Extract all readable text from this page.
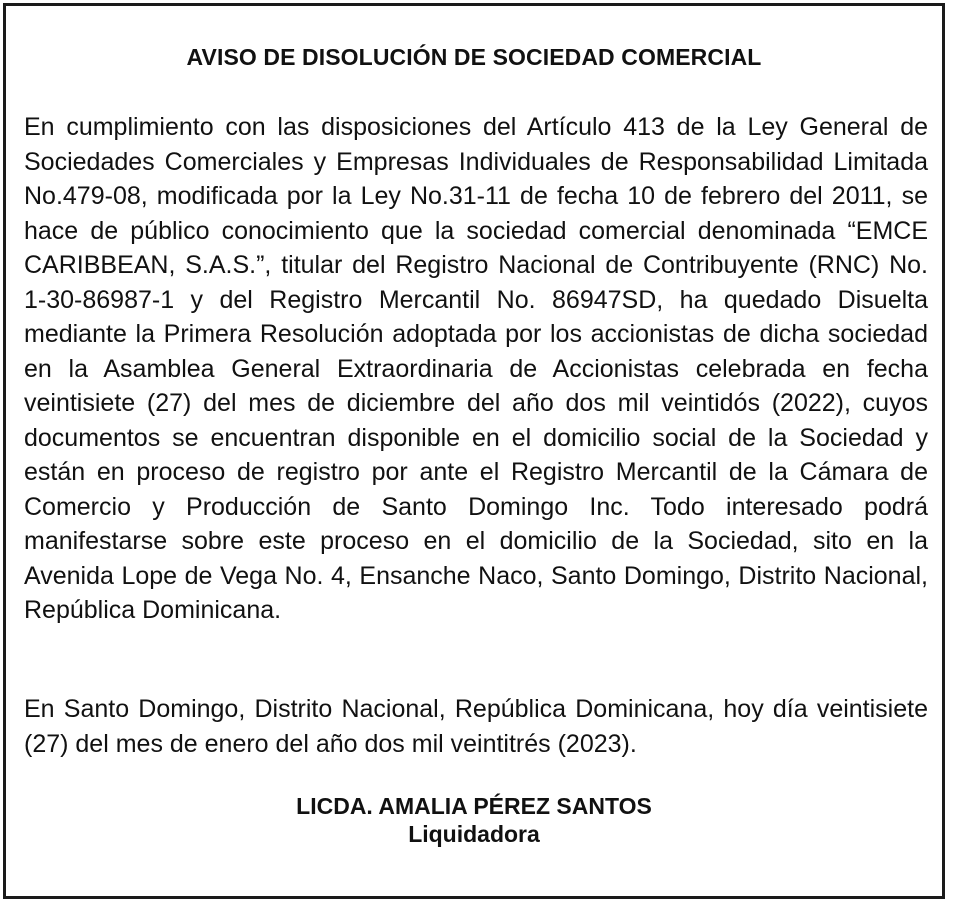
AVISO DE DISOLUCIÓN DE SOCIEDAD COMERCIAL

En cumplimiento con las disposiciones del Artículo 413 de la Ley General de Sociedades Comerciales y Empresas Individuales de Responsabilidad Limitada No.479-08, modificada por la Ley No.31-11 de fecha 10 de febrero del 2011, se hace de público conocimiento que la sociedad comercial denominada “EMCE CARIBBEAN, S.A.S.”, titular del Registro Nacional de Contribuyente (RNC) No. 1-30-86987-1 y del Registro Mercantil No. 86947SD, ha quedado Disuelta mediante la Primera Resolución adoptada por los accionistas de dicha sociedad en la Asamblea General Extraordinaria de Accionistas celebrada en fecha veintisiete (27) del mes de diciembre del año dos mil veintidós (2022), cuyos documentos se encuentran disponible en el domicilio social de la Sociedad y están en proceso de registro por ante el Registro Mercantil de la Cámara de Comercio y Producción de Santo Domingo Inc. Todo interesado podrá manifestarse sobre este proceso en el domicilio de la Sociedad, sito en la Avenida Lope de Vega No. 4, Ensanche Naco, Santo Domingo, Distrito Nacional, República Dominicana.

En Santo Domingo, Distrito Nacional, República Dominicana, hoy día veintisiete (27) del mes de enero del año dos mil veintitrés (2023).

LICDA. AMALIA PÉREZ SANTOS
Liquidadora
